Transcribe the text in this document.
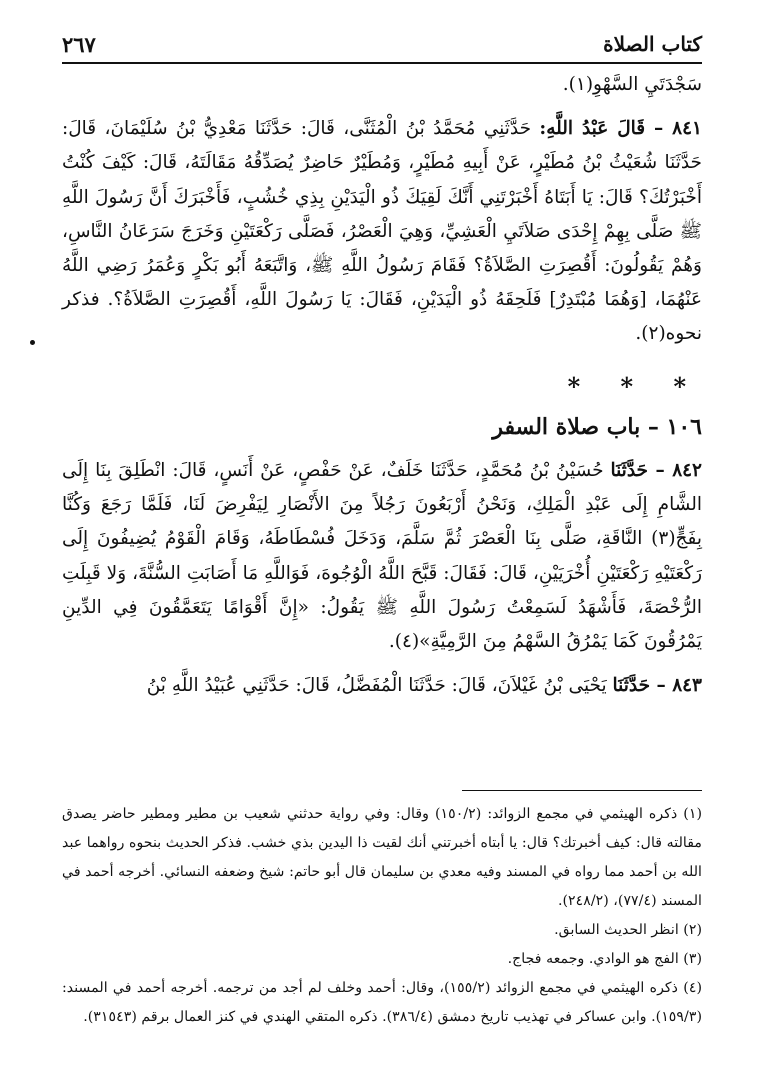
كتاب الصلاة
٢٦٧

سَجْدَتَيِ السَّهْوِ(١).

٨٤١ – قَالَ عَبْدُ اللَّهِ: حَدَّثَنِي مُحَمَّدُ بْنُ الْمُثَنَّى، قَالَ: حَدَّثَنَا مَعْدِيُّ بْنُ سُلَيْمَانَ، قَالَ: حَدَّثَنَا شُعَيْثُ بْنُ مُطَيْرٍ، عَنْ أَبِيهِ مُطَيْرٍ، وَمُطَيْرٌ حَاضِرٌ يُصَدِّقُهُ مَقَالَتَهُ، قَالَ: كَيْفَ كُنْتُ أَخْبَرْتُكَ؟ قَالَ: يَا أَبَتَاهُ أَخْبَرْتَنِي أَنَّكَ لَقِيَكَ ذُو الْيَدَيْنِ بِذِي خُشُبٍ، فَأَخْبَرَكَ أَنَّ رَسُولَ اللَّهِ ﷺ صَلَّى بِهِمْ إِحْدَى صَلاَتَيِ الْعَشِيِّ، وَهِيَ الْعَصْرُ، فَصَلَّى رَكْعَتَيْنِ وَخَرَجَ سَرَعَانُ النَّاسِ، وَهُمْ يَقُولُونَ: أَقُصِرَتِ الصَّلاَةُ؟ فَقَامَ رَسُولُ اللَّهِ ﷺ، وَاتَّبَعَهُ أَبُو بَكْرٍ وَعُمَرُ رَضِي اللَّهُ عَنْهُمَا، [وَهُمَا مُبْتَدِرٌ] فَلَحِقَهُ ذُو الْيَدَيْنِ، فَقَالَ: يَا رَسُولَ اللَّهِ، أَقُصِرَتِ الصَّلاَةُ؟. فذكر نحوه(٢).

* * *
١٠٦ – باب صلاة السفر

٨٤٢ – حَدَّثَنَا حُسَيْنُ بْنُ مُحَمَّدٍ، حَدَّثَنَا خَلَفٌ، عَنْ حَفْصٍ، عَنْ أَنَسٍ، قَالَ: انْطَلِقَ بِنَا إِلَى الشَّامِ إِلَى عَبْدِ الْمَلِكِ، وَنَحْنُ أَرْبَعُونَ رَجُلاً مِنَ الأَنْصَارِ لِيَفْرِضَ لَنَا، فَلَمَّا رَجَعَ وَكُنَّا بِفَجٍّ(٣) النَّاقَةِ، صَلَّى بِنَا الْعَصْرَ ثُمَّ سَلَّمَ، وَدَخَلَ فُسْطَاطَهُ، وَقَامَ الْقَوْمُ يُضِيفُونَ إِلَى رَكْعَتَيْهِ رَكْعَتَيْنِ أُخْرَيَيْنِ، قَالَ: فَقَالَ: قَبَّحَ اللَّهُ الْوُجُوهَ، فَوَاللَّهِ مَا أَصَابَتِ السُّنَّةَ، وَلا قَبِلَتِ الرُّخْصَةَ، فَأَشْهَدُ لَسَمِعْتُ رَسُولَ اللَّهِ ﷺ يَقُولُ: «إِنَّ أَقْوَامًا يَتَعَمَّقُونَ فِي الدِّينِ يَمْرُقُونَ كَمَا يَمْرُقُ السَّهْمُ مِنَ الرَّمِيَّةِ»(٤).

٨٤٣ – حَدَّثَنَا يَحْيَى بْنُ غَيْلاَنَ، قَالَ: حَدَّثَنَا الْمُفَضَّلُ، قَالَ: حَدَّثَنِي عُبَيْدُ اللَّهِ بْنُ

(١) ذكره الهيثمي في مجمع الزوائد: (١٥٠/٢) وقال: وفي رواية حدثني شعيب بن مطير ومطير حاضر يصدق مقالته قال: كيف أخبرتك؟ قال: يا أبتاه أخبرتني أنك لقيت ذا اليدين بذي خشب. فذكر الحديث بنحوه رواهما عبد الله بن أحمد مما رواه في المسند وفيه معدي بن سليمان قال أبو حاتم: شيخ وضعفه النسائي. أخرجه أحمد في المسند (٧٧/٤)، (٢٤٨/٢).

(٢) انظر الحديث السابق.

(٣) الفج هو الوادي. وجمعه فجاج.

(٤) ذكره الهيثمي في مجمع الزوائد (١٥٥/٢)، وقال: أحمد وخلف لم أجد من ترجمه. أخرجه أحمد في المسند: (١٥٩/٣). وابن عساكر في تهذيب تاريخ دمشق (٣٨٦/٤). ذكره المتقي الهندي في كنز العمال برقم (٣١٥٤٣).
